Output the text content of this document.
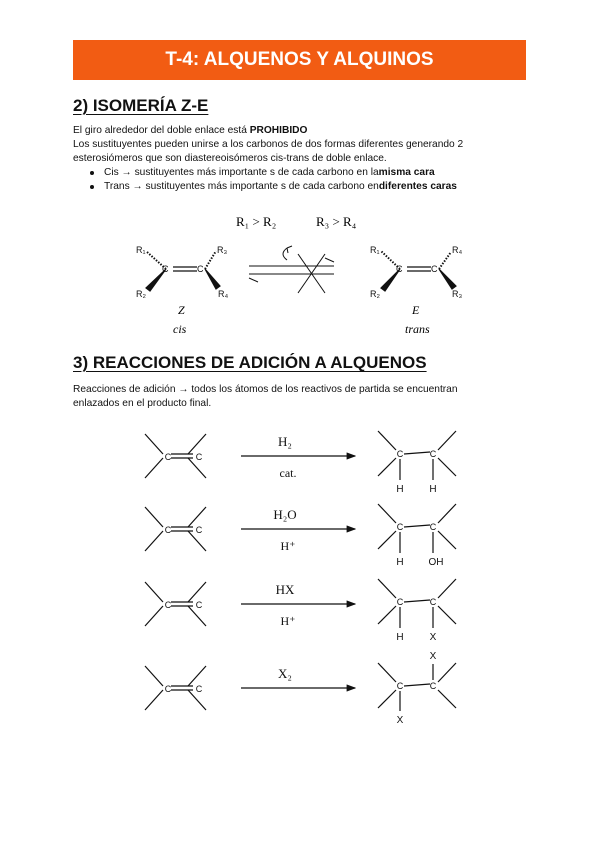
T-4: ALQUENOS Y ALQUINOS
2) ISOMERÍA Z-E

El giro alrededor del doble enlace está PROHIBIDO

Los sustituyentes pueden unirse a los carbonos de dos formas diferentes generando 2

esterosiómeros que son diastereoisómeros cis-trans de doble enlace.

Cis → sustituyentes más importante s de cada carbono en la misma cara
Trans → sustituyentes más importante s de cada carbono en diferentes caras
3) REACCIONES DE ADICIÓN A ALQUENOS

Reacciones de adición → todos los átomos de los reactivos de partida se encuentran

enlazados en el producto final.

R₁ > R₂	R₃ > R₄
R₁	R₃
R₂	R₄
C	C
Z
cis
R₁	R₄
R₂	R₃
C	C
E
trans
C	C	C	C
H₂
cat.
H	H
C	C	C	C
H₂O
H⁺
H OH
C	C	C	C
HX
H⁺
H	X
C	C	C	C
X₂
X
X
